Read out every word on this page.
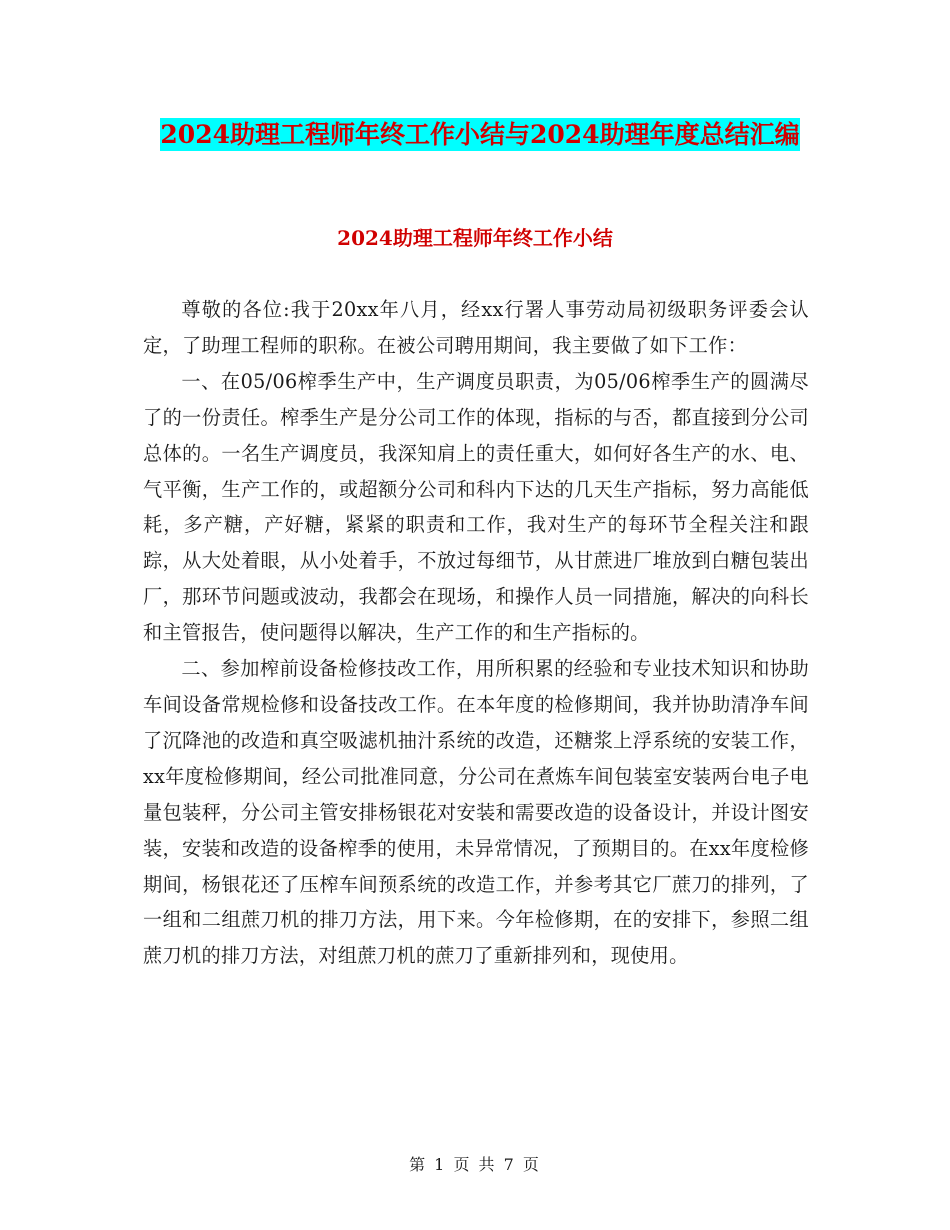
2024助理工程师年终工作小结与2024助理年度总结汇编
2024助理工程师年终工作小结

尊敬的各位:我于20xx年八月，经xx行署人事劳动局初级职务评委会认定，了助理工程师的职称。在被公司聘用期间，我主要做了如下工作：

一、在05/06榨季生产中，生产调度员职责，为05/06榨季生产的圆满尽了的一份责任。榨季生产是分公司工作的体现，指标的与否，都直接到分公司总体的。一名生产调度员，我深知肩上的责任重大，如何好各生产的水、电、气平衡，生产工作的，或超额分公司和科内下达的几天生产指标，努力高能低耗，多产糖，产好糖，紧紧的职责和工作，我对生产的每环节全程关注和跟踪，从大处着眼，从小处着手，不放过每细节，从甘蔗进厂堆放到白糖包装出厂，那环节问题或波动，我都会在现场，和操作人员一同措施，解决的向科长和主管报告，使问题得以解决，生产工作的和生产指标的。

二、参加榨前设备检修技改工作，用所积累的经验和专业技术知识和协助车间设备常规检修和设备技改工作。在本年度的检修期间，我并协助清净车间了沉降池的改造和真空吸滤机抽汁系统的改造，还糖浆上浮系统的安装工作，xx年度检修期间，经公司批准同意，分公司在煮炼车间包装室安装两台电子电量包装秤，分公司主管安排杨银花对安装和需要改造的设备设计，并设计图安装，安装和改造的设备榨季的使用，未异常情况，了预期目的。在xx年度检修期间，杨银花还了压榨车间预系统的改造工作，并参考其它厂蔗刀的排列，了一组和二组蔗刀机的排刀方法，用下来。今年检修期，在的安排下，参照二组蔗刀机的排刀方法，对组蔗刀机的蔗刀了重新排列和，现使用。

第 1 页 共 7 页
